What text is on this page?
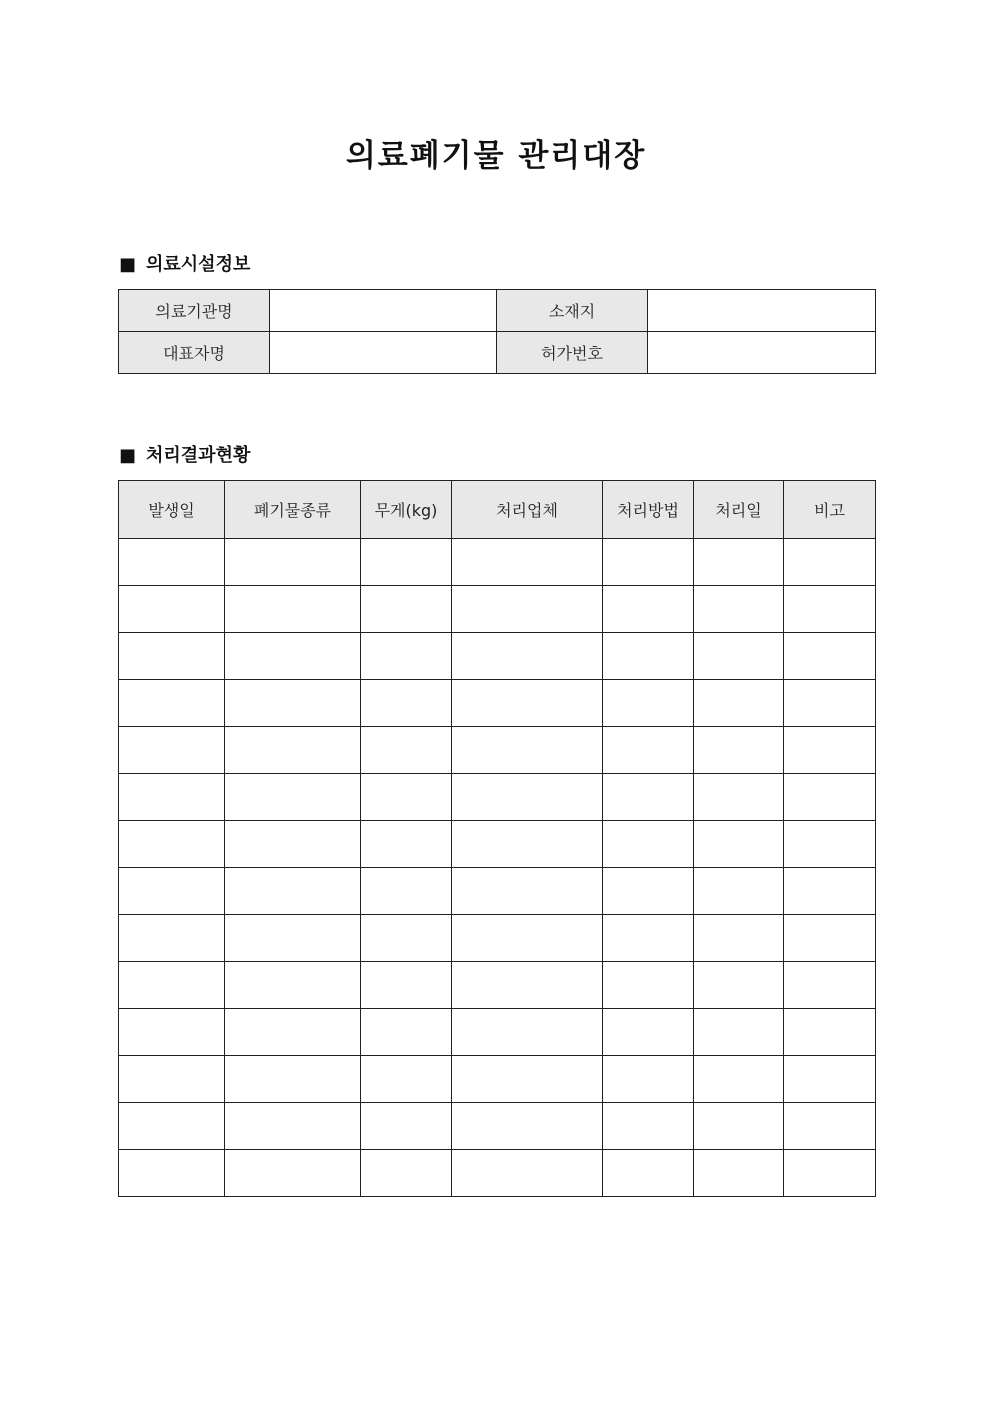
의료폐기물 관리대장
■ 의료시설정보
의료기관명		소재지	
대표자명		허가번호	
■ 처리결과현황
발생일	폐기물종류	무게(kg)	처리업체	처리방법	처리일	비고
